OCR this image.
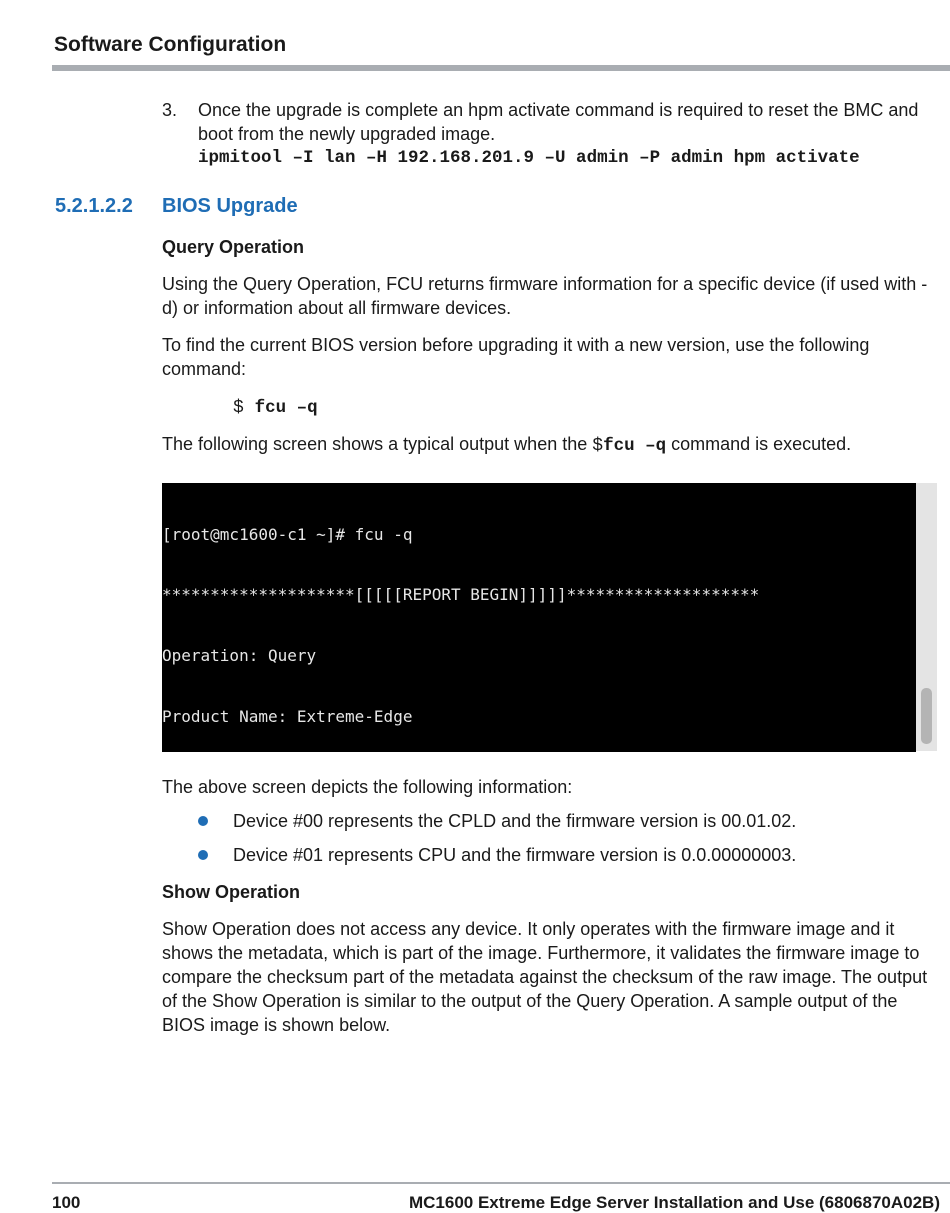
Software Configuration
3. Once the upgrade is complete an hpm activate command is required to reset the BMC and boot from the newly upgraded image.
ipmitool –I lan –H 192.168.201.9 –U admin –P admin hpm activate
5.2.1.2.2 BIOS Upgrade
Query Operation
Using the Query Operation, FCU returns firmware information for a specific device (if used with -d) or information about all firmware devices.
To find the current BIOS version before upgrading it with a new version, use the following command:
$ fcu –q
The following screen shows a typical output when the $fcu –q command is executed.

[root@mc1600-c1 ~]# fcu -q

********************[[[[[REPORT BEGIN]]]]]********************

Operation: Query

Product Name: Extreme-Edge

The above screen depicts the following information:
Device #00 represents the CPLD and the firmware version is 00.01.02.
Device #01 represents CPU and the firmware version is 0.0.00000003.
Show Operation
Show Operation does not access any device. It only operates with the firmware image and it shows the metadata, which is part of the image. Furthermore, it validates the firmware image to compare the checksum part of the metadata against the checksum of the raw image. The output of the Show Operation is similar to the output of the Query Operation. A sample output of the BIOS image is shown below.
100	MC1600 Extreme Edge Server Installation and Use (6806870A02B)
